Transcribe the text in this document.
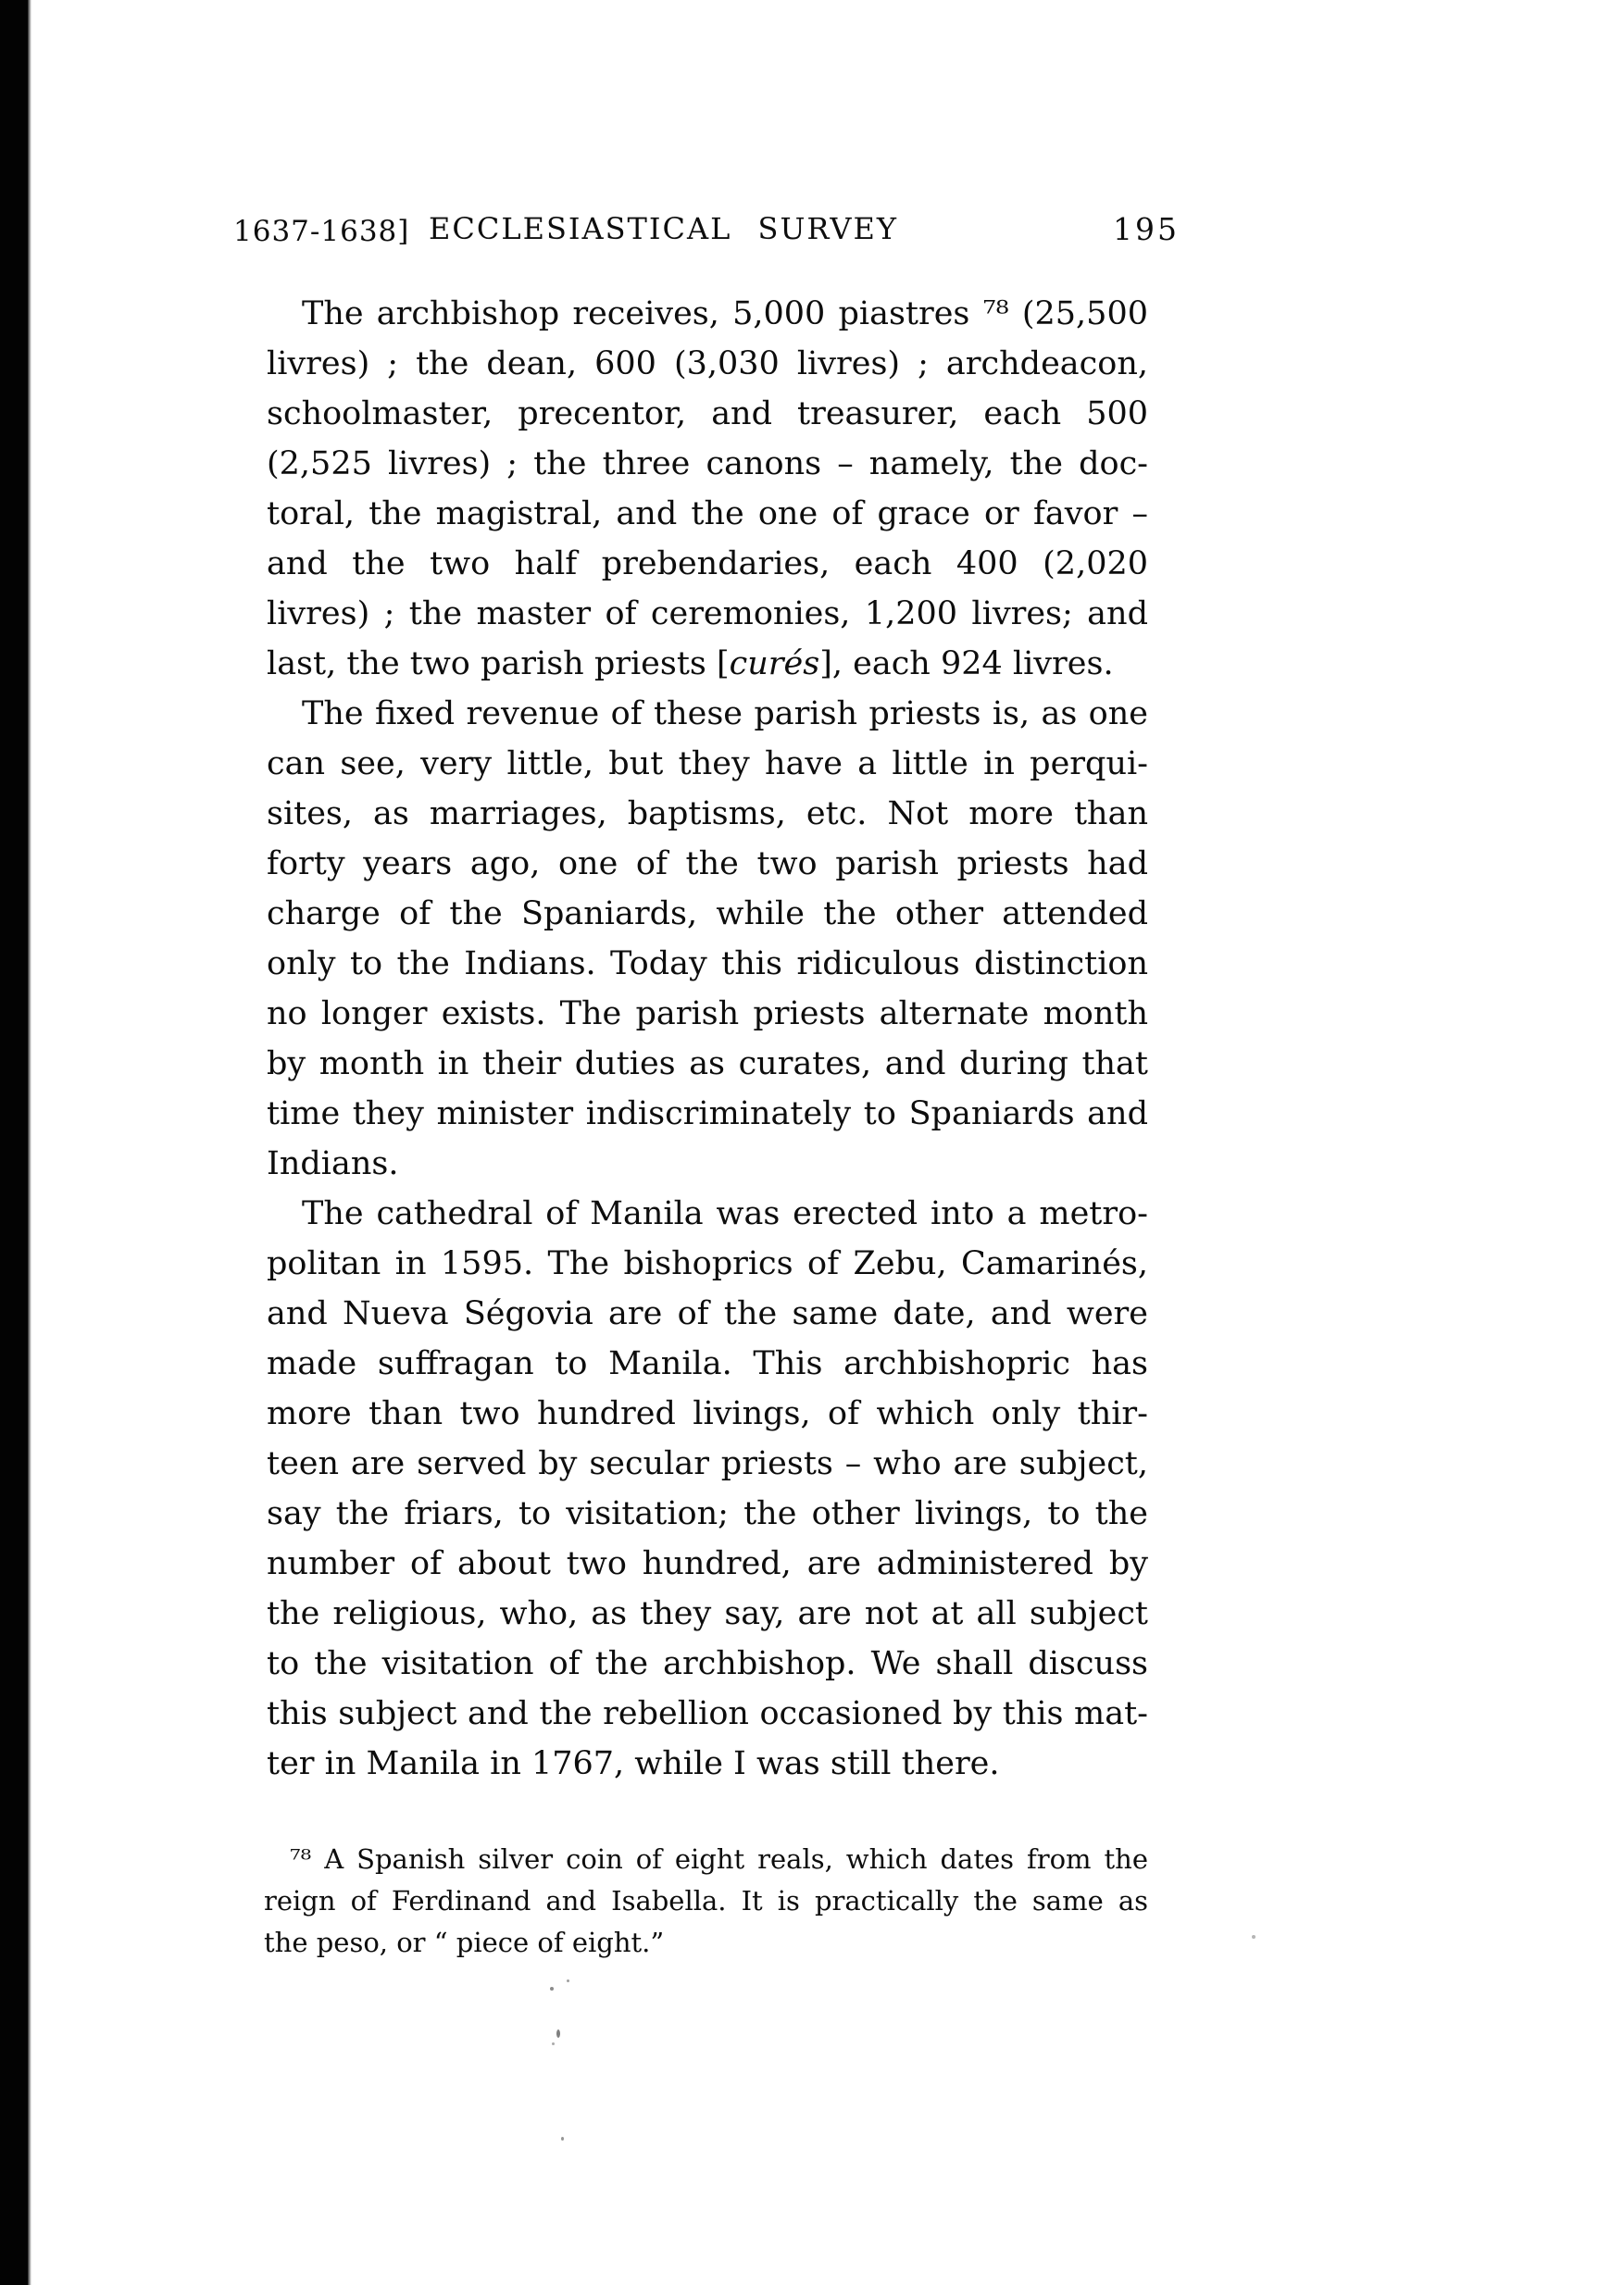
1637-1638] ECCLESIASTICAL SURVEY	195
The archbishop receives, 5,000 piastres ⁷⁸ (25,500
livres) ; the dean, 600 (3,030 livres) ; archdeacon,
schoolmaster, precentor, and treasurer, each 500
(2,525 livres) ; the three canons – namely, the doc-
toral, the magistral, and the one of grace or favor –
and the two half prebendaries, each 400 (2,020
livres) ; the master of ceremonies, 1,200 livres; and
last, the two parish priests [curés], each 924 livres.
The fixed revenue of these parish priests is, as one
can see, very little, but they have a little in perqui-
sites, as marriages, baptisms, etc. Not more than
forty years ago, one of the two parish priests had
charge of the Spaniards, while the other attended
only to the Indians. Today this ridiculous distinction
no longer exists. The parish priests alternate month
by month in their duties as curates, and during that
time they minister indiscriminately to Spaniards and
Indians.
The cathedral of Manila was erected into a metro-
politan in 1595. The bishoprics of Zebu, Camarinés,
and Nueva Ségovia are of the same date, and were
made suffragan to Manila. This archbishopric has
more than two hundred livings, of which only thir-
teen are served by secular priests – who are subject,
say the friars, to visitation; the other livings, to the
number of about two hundred, are administered by
the religious, who, as they say, are not at all subject
to the visitation of the archbishop. We shall discuss
this subject and the rebellion occasioned by this mat-
ter in Manila in 1767, while I was still there.
⁷⁸ A Spanish silver coin of eight reals, which dates from the
reign of Ferdinand and Isabella. It is practically the same as
the peso, or “ piece of eight.”
